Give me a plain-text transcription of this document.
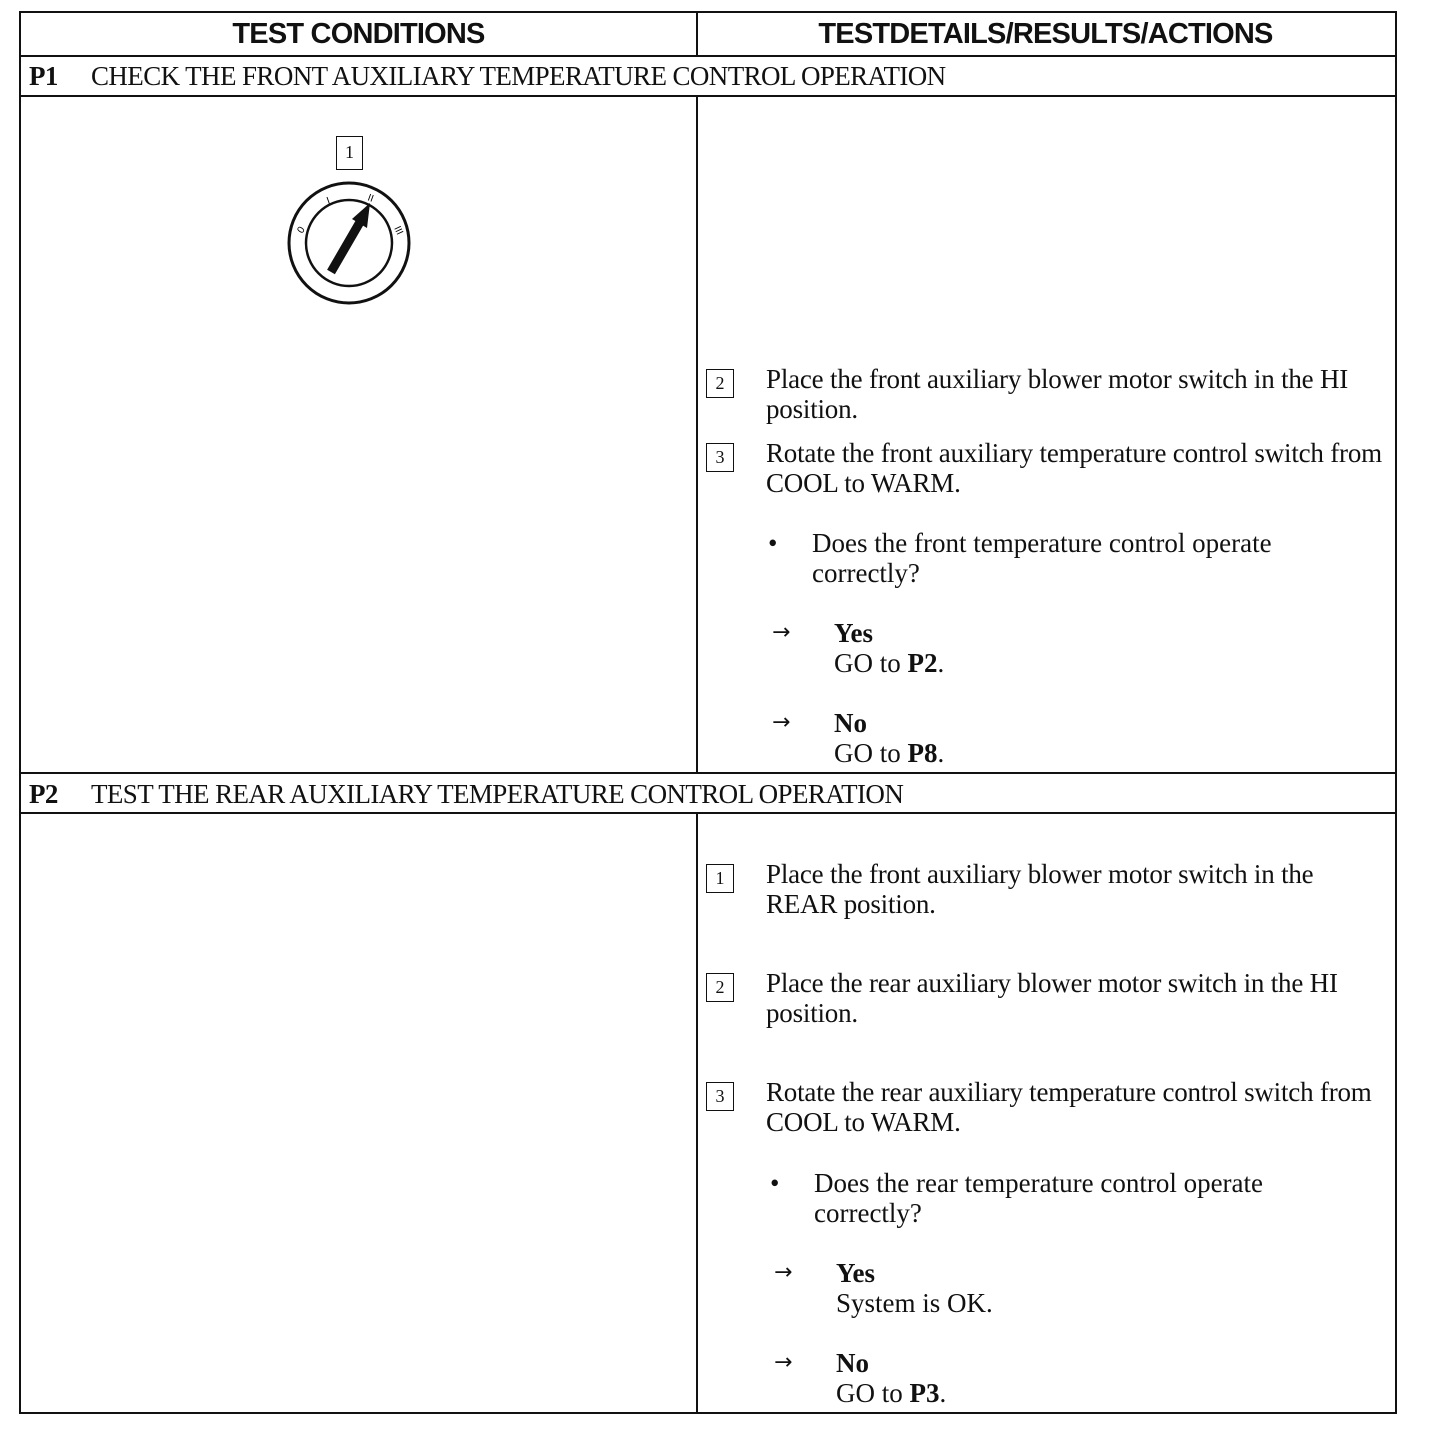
TEST CONDITIONS	TESTDETAILS/RESULTS/ACTIONS
P1 CHECK THE FRONT AUXILIARY TEMPERATURE CONTROL OPERATION
1
0
I	II
III
2	Place the front auxiliary blower motor switch in the HI position.
3	Rotate the front auxiliary temperature control switch from COOL to WARM.
• Does the front temperature control operate correctly?
→ Yes
GO to P2.
→ No
GO to P8.
P2 TEST THE REAR AUXILIARY TEMPERATURE CONTROL OPERATION
1	Place the front auxiliary blower motor switch in the REAR position.
2	Place the rear auxiliary blower motor switch in the HI position.
3	Rotate the rear auxiliary temperature control switch from COOL to WARM.
• Does the rear temperature control operate correctly?
→ Yes
System is OK.
→ No
GO to P3.
